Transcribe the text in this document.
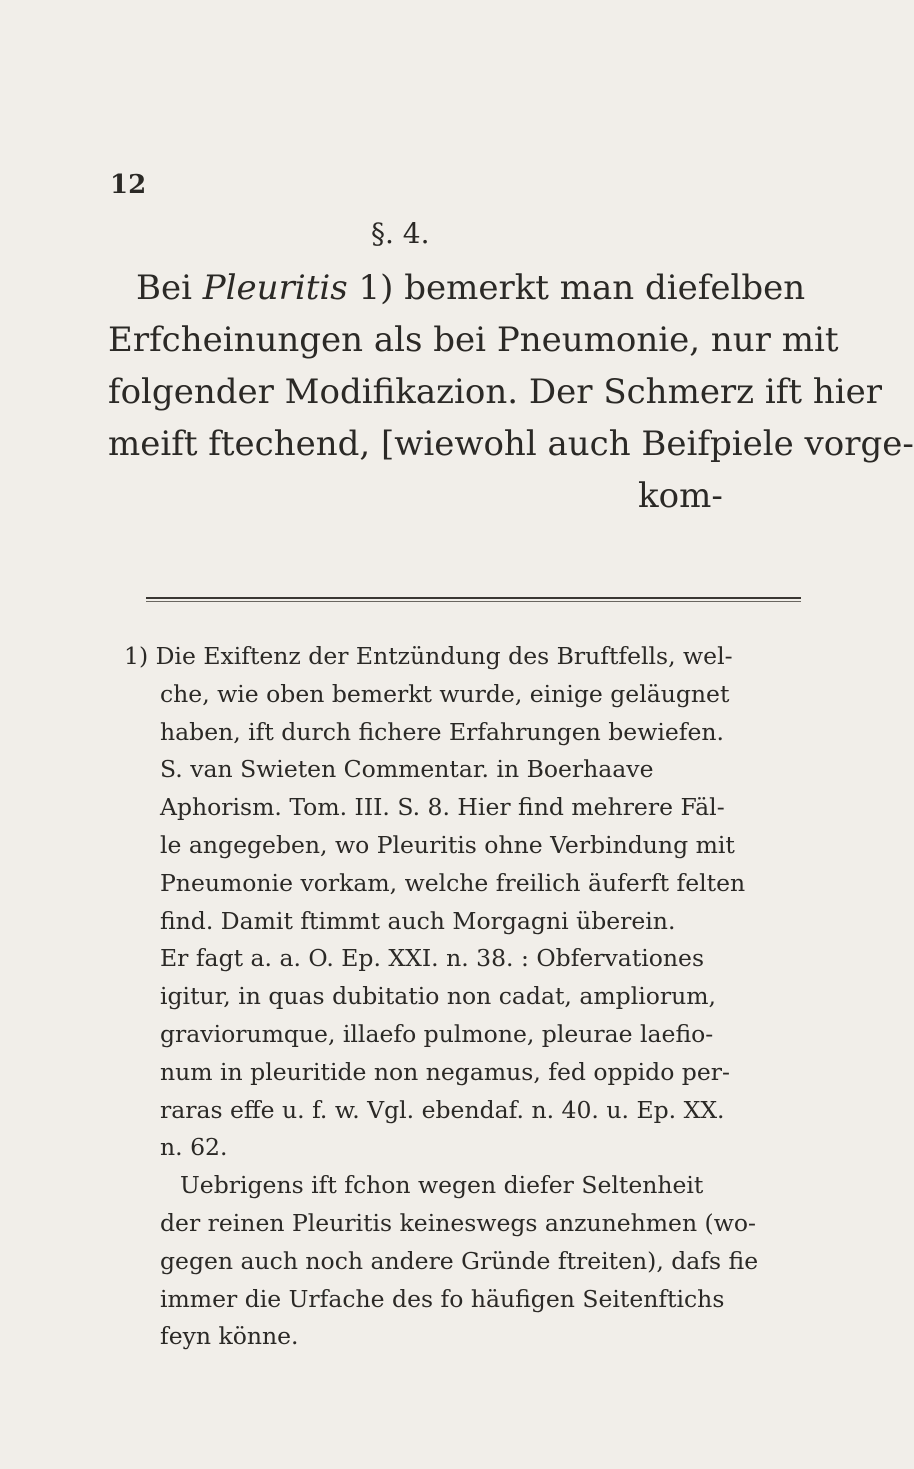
12
§. 4.
Bei Pleuritis 1) bemerkt man diefelben
Erfcheinungen als bei Pneumonie, nur mit
folgender Modifikazion. Der Schmerz ift hier
meift ftechend, [wiewohl auch Beifpiele vorge-
kom-
1) Die Exiftenz der Entzündung des Bruftfells, wel-
che, wie oben bemerkt wurde, einige geläugnet
haben, ift durch fichere Erfahrungen bewiefen.
S. van Swieten Commentar. in Boerhaave
Aphorism. Tom. III. S. 8. Hier find mehrere Fäl-
le angegeben, wo Pleuritis ohne Verbindung mit
Pneumonie vorkam, welche freilich äuferft felten
find. Damit ftimmt auch Morgagni überein.
Er fagt a. a. O. Ep. XXI. n. 38. : Obfervationes
igitur, in quas dubitatio non cadat, ampliorum,
graviorumque, illaefo pulmone, pleurae laefio-
num in pleuritide non negamus, fed oppido per-
raras effe u. f. w. Vgl. ebendaf. n. 40. u. Ep. XX.
n. 62.
Uebrigens ift fchon wegen diefer Seltenheit
der reinen Pleuritis keineswegs anzunehmen (wo-
gegen auch noch andere Gründe ftreiten), dafs fie
immer die Urfache des fo häufigen Seitenftichs
feyn könne.
